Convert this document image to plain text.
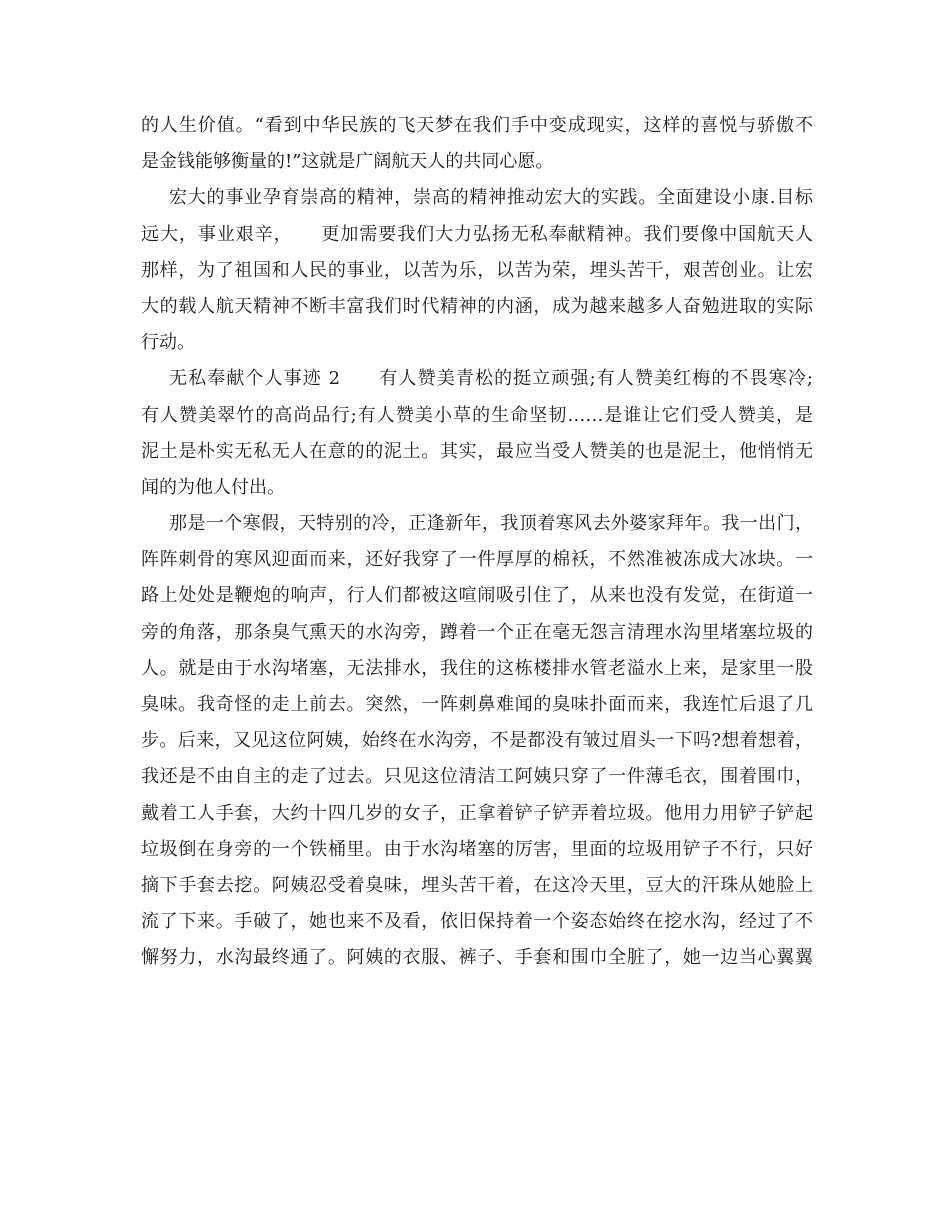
的人生价值。“看到中华民族的飞天梦在我们手中变成现实，这样的喜悦与骄傲不
是金钱能够衡量的!”这就是广阔航天人的共同心愿。
宏大的事业孕育崇高的精神，崇高的精神推动宏大的实践。全面建设小康.目标
远大，事业艰辛，　　更加需要我们大力弘扬无私奉献精神。我们要像中国航天人
那样，为了祖国和人民的事业，以苦为乐，以苦为荣，埋头苦干，艰苦创业。让宏
大的载人航天精神不断丰富我们时代精神的内涵，成为越来越多人奋勉进取的实际
行动。
无私奉献个人事迹 2　　有人赞美青松的挺立顽强;有人赞美红梅的不畏寒冷;
有人赞美翠竹的高尚品行;有人赞美小草的生命坚韧……是谁让它们受人赞美，是
泥土是朴实无私无人在意的的泥土。其实，最应当受人赞美的也是泥土，他悄悄无
闻的为他人付出。
那是一个寒假，天特别的冷，正逢新年，我顶着寒风去外婆家拜年。我一出门，
阵阵刺骨的寒风迎面而来，还好我穿了一件厚厚的棉袄，不然准被冻成大冰块。一
路上处处是鞭炮的响声，行人们都被这喧闹吸引住了，从来也没有发觉，在街道一
旁的角落，那条臭气熏天的水沟旁，蹲着一个正在毫无怨言清理水沟里堵塞垃圾的
人。就是由于水沟堵塞，无法排水，我住的这栋楼排水管老溢水上来，是家里一股
臭味。我奇怪的走上前去。突然，一阵刺鼻难闻的臭味扑面而来，我连忙后退了几
步。后来，又见这位阿姨，始终在水沟旁，不是都没有皱过眉头一下吗?想着想着，
我还是不由自主的走了过去。只见这位清洁工阿姨只穿了一件薄毛衣，围着围巾，
戴着工人手套，大约十四几岁的女子，正拿着铲子铲弄着垃圾。他用力用铲子铲起
垃圾倒在身旁的一个铁桶里。由于水沟堵塞的厉害，里面的垃圾用铲子不行，只好
摘下手套去挖。阿姨忍受着臭味，埋头苦干着，在这冷天里，豆大的汗珠从她脸上
流了下来。手破了，她也来不及看，依旧保持着一个姿态始终在挖水沟，经过了不
懈努力，水沟最终通了。阿姨的衣服、裤子、手套和围巾全脏了，她一边当心翼翼
